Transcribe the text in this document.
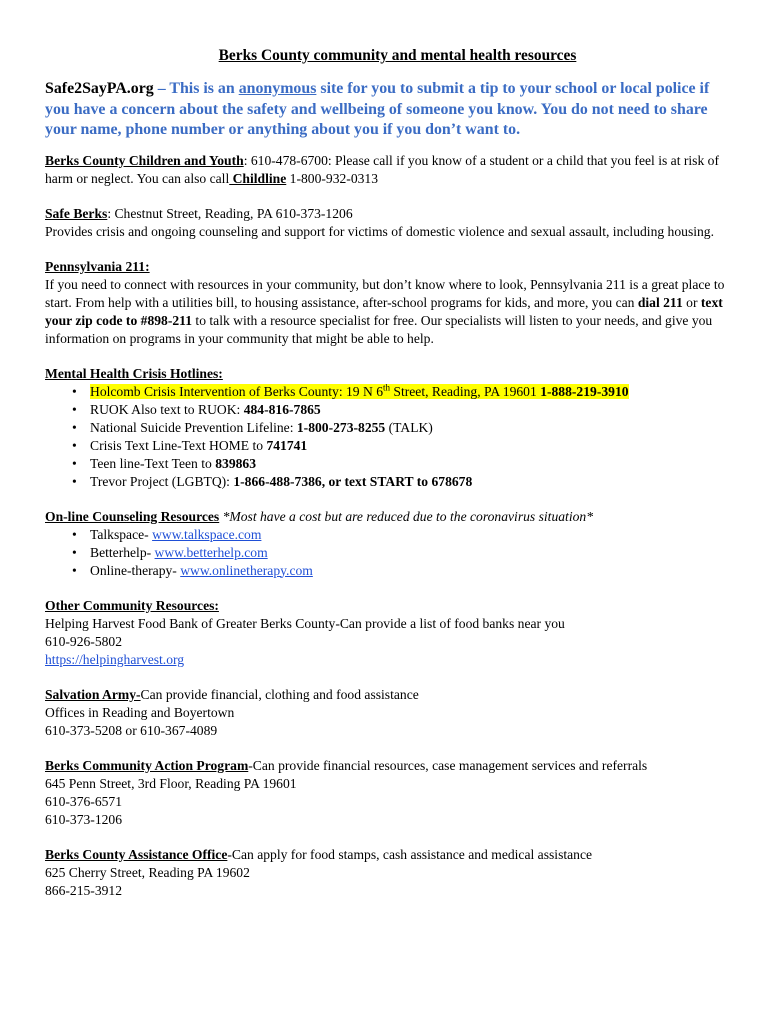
Berks County community and mental health resources

Safe2SayPA.org – This is an anonymous site for you to submit a tip to your school or local police if you have a concern about the safety and wellbeing of someone you know. You do not need to share your name, phone number or anything about you if you don’t want to.

Berks County Children and Youth: 610-478-6700: Please call if you know of a student or a child that you feel is at risk of harm or neglect. You can also call Childline 1-800-932-0313

Safe Berks: Chestnut Street, Reading, PA 610-373-1206

Provides crisis and ongoing counseling and support for victims of domestic violence and sexual assault, including housing.

Pennsylvania 211:

If you need to connect with resources in your community, but don’t know where to look, Pennsylvania 211 is a great place to start. From help with a utilities bill, to housing assistance, after-school programs for kids, and more, you can dial 211 or text your zip code to #898-211 to talk with a resource specialist for free. Our specialists will listen to your needs, and give you information on programs in your community that might be able to help.

Mental Health Crisis Hotlines:

• Holcomb Crisis Intervention of Berks County: 19 N 6th Street, Reading, PA 19601 1-888-219-3910
• RUOK Also text to RUOK: 484-816-7865
• National Suicide Prevention Lifeline: 1-800-273-8255 (TALK)
• Crisis Text Line-Text HOME to 741741
• Teen line-Text Teen to 839863
• Trevor Project (LGBTQ): 1-866-488-7386, or text START to 678678

On-line Counseling Resources *Most have a cost but are reduced due to the coronavirus situation*

• Talkspace- www.talkspace.com
• Betterhelp- www.betterhelp.com
• Online-therapy- www.onlinetherapy.com

Other Community Resources:

Helping Harvest Food Bank of Greater Berks County-Can provide a list of food banks near you

610-926-5802

https://helpingharvest.org

Salvation Army-Can provide financial, clothing and food assistance

Offices in Reading and Boyertown

610-373-5208 or 610-367-4089

Berks Community Action Program-Can provide financial resources, case management services and referrals

645 Penn Street, 3rd Floor, Reading PA 19601

610-376-6571

610-373-1206

Berks County Assistance Office-Can apply for food stamps, cash assistance and medical assistance

625 Cherry Street, Reading PA 19602

866-215-3912
